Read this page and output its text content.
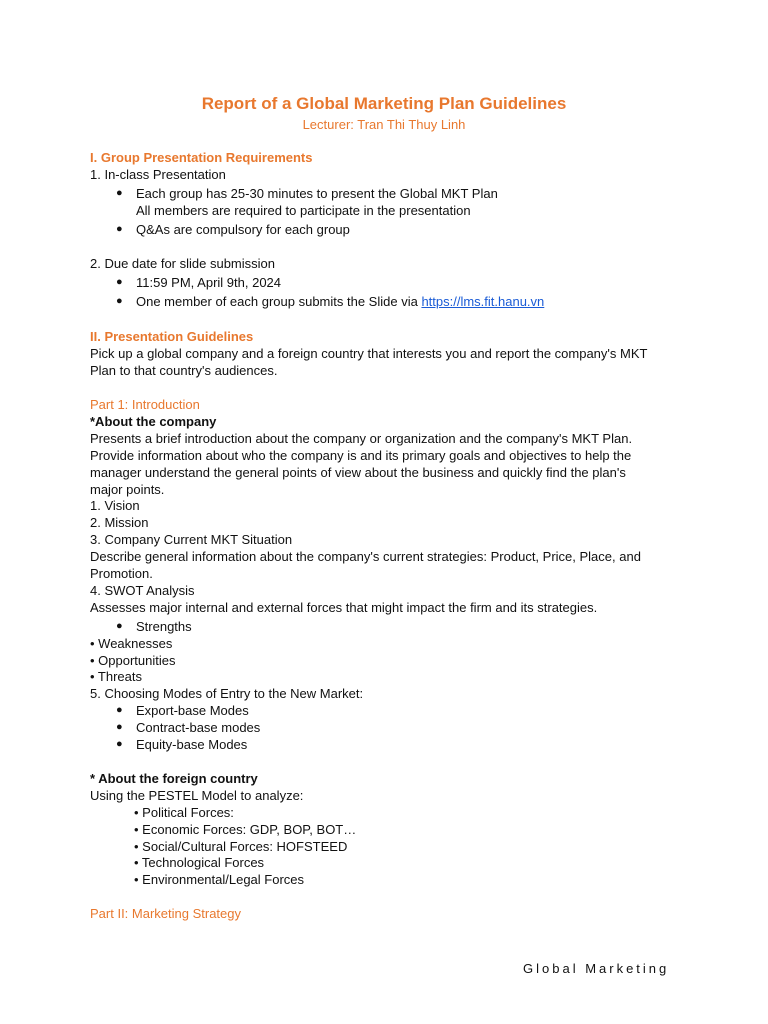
Report of a Global Marketing Plan Guidelines
Lecturer: Tran Thi Thuy Linh
I. Group Presentation Requirements
1. In-class Presentation
● Each group has 25-30 minutes to present the Global MKT Plan
All members are required to participate in the presentation
● Q&As are compulsory for each group
2. Due date for slide submission
● 11:59 PM, April 9th, 2024
● One member of each group submits the Slide via https://lms.fit.hanu.vn
II. Presentation Guidelines
Pick up a global company and a foreign country that interests you and report the company's MKT
Plan to that country's audiences.
Part 1: Introduction
*About the company
Presents a brief introduction about the company or organization and the company's MKT Plan.
Provide information about who the company is and its primary goals and objectives to help the
manager understand the general points of view about the business and quickly find the plan's
major points.
1. Vision
2. Mission
3. Company Current MKT Situation
Describe general information about the company's current strategies: Product, Price, Place, and
Promotion.
4. SWOT Analysis
Assesses major internal and external forces that might impact the firm and its strategies.
● Strengths
• Weaknesses
• Opportunities
• Threats
5. Choosing Modes of Entry to the New Market:
● Export-base Modes
● Contract-base modes
● Equity-base Modes
* About the foreign country
Using the PESTEL Model to analyze:
• Political Forces:
• Economic Forces: GDP, BOP, BOT…
• Social/Cultural Forces: HOFSTEED
• Technological Forces
• Environmental/Legal Forces
Part II: Marketing Strategy
Global Marketing
